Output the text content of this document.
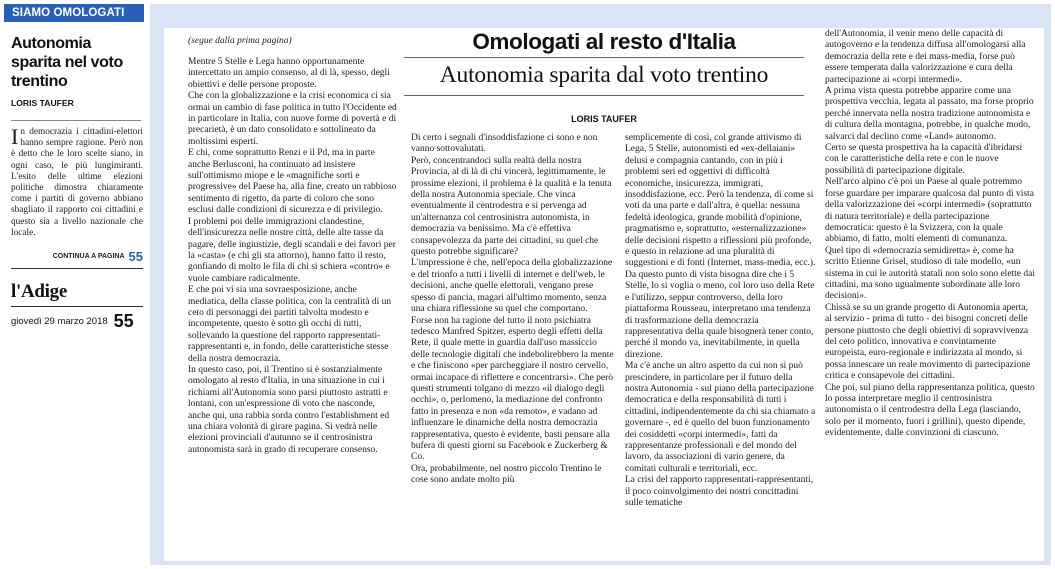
SIAMO OMOLOGATI
Autonomia sparita nel voto trentino
LORIS TAUFER
In democrazia i cittadini-elettori hanno sempre ragione. Però non è detto che le loro scelte siano, in ogni caso, le più lungimiranti. L'esito delle ultime elezioni politiche dimostra chiaramente come i partiti di governo abbiano sbagliato il rapporto coi cittadini e questo sia a livello nazionale che locale.
CONTINUA A PAGINA 55
l'Adige
giovedì 29 marzo 2018 55
(segue dalla prima pagina)

Mentre 5 Stelle e Lega hanno opportunamente intercettato un ampio consenso, al di là, spesso, degli obiettivi e delle persone proposte.

Che con la globalizzazione e la crisi economica ci sia ormai un cambio di fase politica in tutto l'Occidente ed in particolare in Italia, con nuove forme di povertà e di precarietà, è un dato consolidato e sottolineato da moltissimi esperti.

E chi, come soprattutto Renzi e il Pd, ma in parte anche Berlusconi, ha continuato ad insistere sull'ottimismo miope e le «magnifiche sorti e progressive» del Paese ha, alla fine, creato un rabbioso sentimento di rigetto, da parte di coloro che sono esclusi dalle condizioni di sicurezza e di privilegio.

I problemi poi delle immigrazioni clandestine, dell'insicurezza nelle nostre città, delle alte tasse da pagare, delle ingiustizie, degli scandali e dei favori per la «casta» (e chi gli sta attorno), hanno fatto il resto, gonfiando di molto le fila di chi si schiera «contro» e vuole cambiare radicalmente.

E che poi vi sia una sovraesposizione, anche mediatica, della classe politica, con la centralità di un ceto di personaggi dei partiti talvolta modesto e incompetente, questo è sotto gli occhi di tutti, sollevando la questione del rapporto rappresentati-rappresentanti e, in fondo, delle caratteristiche stesse della nostra democrazia.

In questo caso, poi, il Trentino si è sostanzialmente omologato al resto d'Italia, in una situazione in cui i richiami all'Autonomia sono parsi piuttosto astratti e lontani, con un'espressione di voto che nasconde, anche qui, una rabbia sorda contro l'establishment ed una chiara volontà di girare pagina. Si vedrà nelle elezioni provinciali d'autunno se il centrosinistra autonomista sarà in grado di recuperare consenso.

Omologati al resto d'Italia
Autonomia sparita dal voto trentino
LORIS TAUFER

Di certo i segnali d'insoddisfazione ci sono e non vanno sottovalutati.

Però, concentrandoci sulla realtà della nostra Provincia, al di là di chi vincerà, legittimamente, le prossime elezioni, il problema è la qualità e la tenuta della nostra Autonomia speciale. Che vinca eventualmente il centrodestra e si pervenga ad un'alternanza col centrosinistra autonomista, in democrazia va benissimo. Ma c'è effettiva consapevolezza da parte dei cittadini, su quel che questo potrebbe significare?

L'impressione è che, nell'epoca della globalizzazione e del trionfo a tutti i livelli di internet e dell'web, le decisioni, anche quelle elettorali, vengano prese spesso di pancia, magari all'ultimo momento, senza una chiara riflessione su quel che comportano.

Forse non ha ragione del tutto il noto psichiatra tedesco Manfred Spitzer, esperto degli effetti della Rete, il quale mette in guardia dall'uso massiccio delle tecnologie digitali che indebolirebbero la mente e che finiscono «per parcheggiare il nostro cervello, ormai incapace di riflettere e concentrarsi». Che però questi strumenti tolgano di mezzo «il dialogo degli occhi», o, perlomeno, la mediazione del confronto fatto in presenza e non «da remoto», e vadano ad influenzare le dinamiche della nostra democrazia rappresentativa, questo è evidente, basti pensare alla bufera di questi giorni su Facebook e Zuckerberg & Co.

Ora, probabilmente, nel nostro piccolo Trentino le cose sono andate molto più

semplicemente di così, col grande attivismo di Lega, 5 Stelle, autonomisti ed «ex-dellaiani» delusi e compagnia cantando, con in più i problemi seri ed oggettivi di difficoltà economiche, insicurezza, immigrati, insoddisfazione, ecc. Però la tendenza, di come si voti da una parte e dall'altra, è quella: nessuna fedeltà ideologica, grande mobilità d'opinione, pragmatismo e, soprattutto, «esternalizzazione» delle decisioni rispetto a riflessioni più profonde, e questo in relazione ad una pluralità di suggestioni e di fonti (Internet, mass-media, ecc.).

Da questo punto di vista bisogna dire che i 5 Stelle, lo si voglia o meno, col loro uso della Rete e l'utilizzo, seppur controverso, della loro piattaforma Rousseau, interpretano una tendenza di trasformazione della democrazia rappresentativa della quale bisognerà tener conto, perché il mondo va, inevitabilmente, in quella direzione.

Ma c'è anche un altro aspetto da cui non si può prescindere, in particolare per il futuro della nostra Autonomia - sul piano della partecipazione democratica e della responsabilità di tutti i cittadini, indipendentemente da chi sia chiamato a governare -, ed è quello del buon funzionamento dei cosiddetti «corpi intermedi», fatti da rappresentanze professionali e del mondo del lavoro, da associazioni di vario genere, da comitati culturali e territoriali, ecc.

La crisi del rapporto rappresentati-rappresentanti, il poco coinvolgimento dei nostri concittadini sulle tematiche

dell'Autonomia, il venir meno delle capacità di autogoverno e la tendenza diffusa all'omologarsi alla democrazia della rete e dei mass-media, forse può essere temperata dalla valorizzazione e cura della partecipazione ai «corpi intermedi».

A prima vista questa potrebbe apparire come una prospettiva vecchia, legata al passato, ma forse proprio perché innervata nella nostra tradizione autonomista e di cultura della montagna, potrebbe, in qualche modo, salvarci dal declino come «Land» autonomo.

Certo se questa prospettiva ha la capacità d'ibridarsi con le caratteristiche della rete e con le nuove possibilità di partecipazione digitale.

Nell'arco alpino c'è poi un Paese al quale potremmo forse guardare per imparare qualcosa dal punto di vista della valorizzazione dei «corpi intermedi» (soprattutto di natura territoriale) e della partecipazione democratica: questo è la Svizzera, con la quale abbiamo, di fatto, molti elementi di comunanza.

Quel tipo di «democrazia semidiretta» è, come ha scritto Etienne Grisel, studioso di tale modello, «un sistema in cui le autorità statali non solo sono elette dai cittadini, ma sono ugualmente subordinate alle loro decisioni».

Chissà se su un grande progetto di Autonomia aperta, al servizio - prima di tutto - dei bisogni concreti delle persone piuttosto che degli obiettivi di sopravvivenza del ceto politico, innovativa e convintamente europeista, euro-regionale e indirizzata al mondo, si possa innescare un reale movimento di partecipazione critica e consapevole dei cittadini.

Che poi, sul piano della rappresentanza politica, questo lo possa interpretare meglio il centrosinistra autonomista o il centrodestra della Lega (lasciando, solo per il momento, fuori i grillini), questo dipende, evidentemente, dalle convinzioni di ciascuno.
